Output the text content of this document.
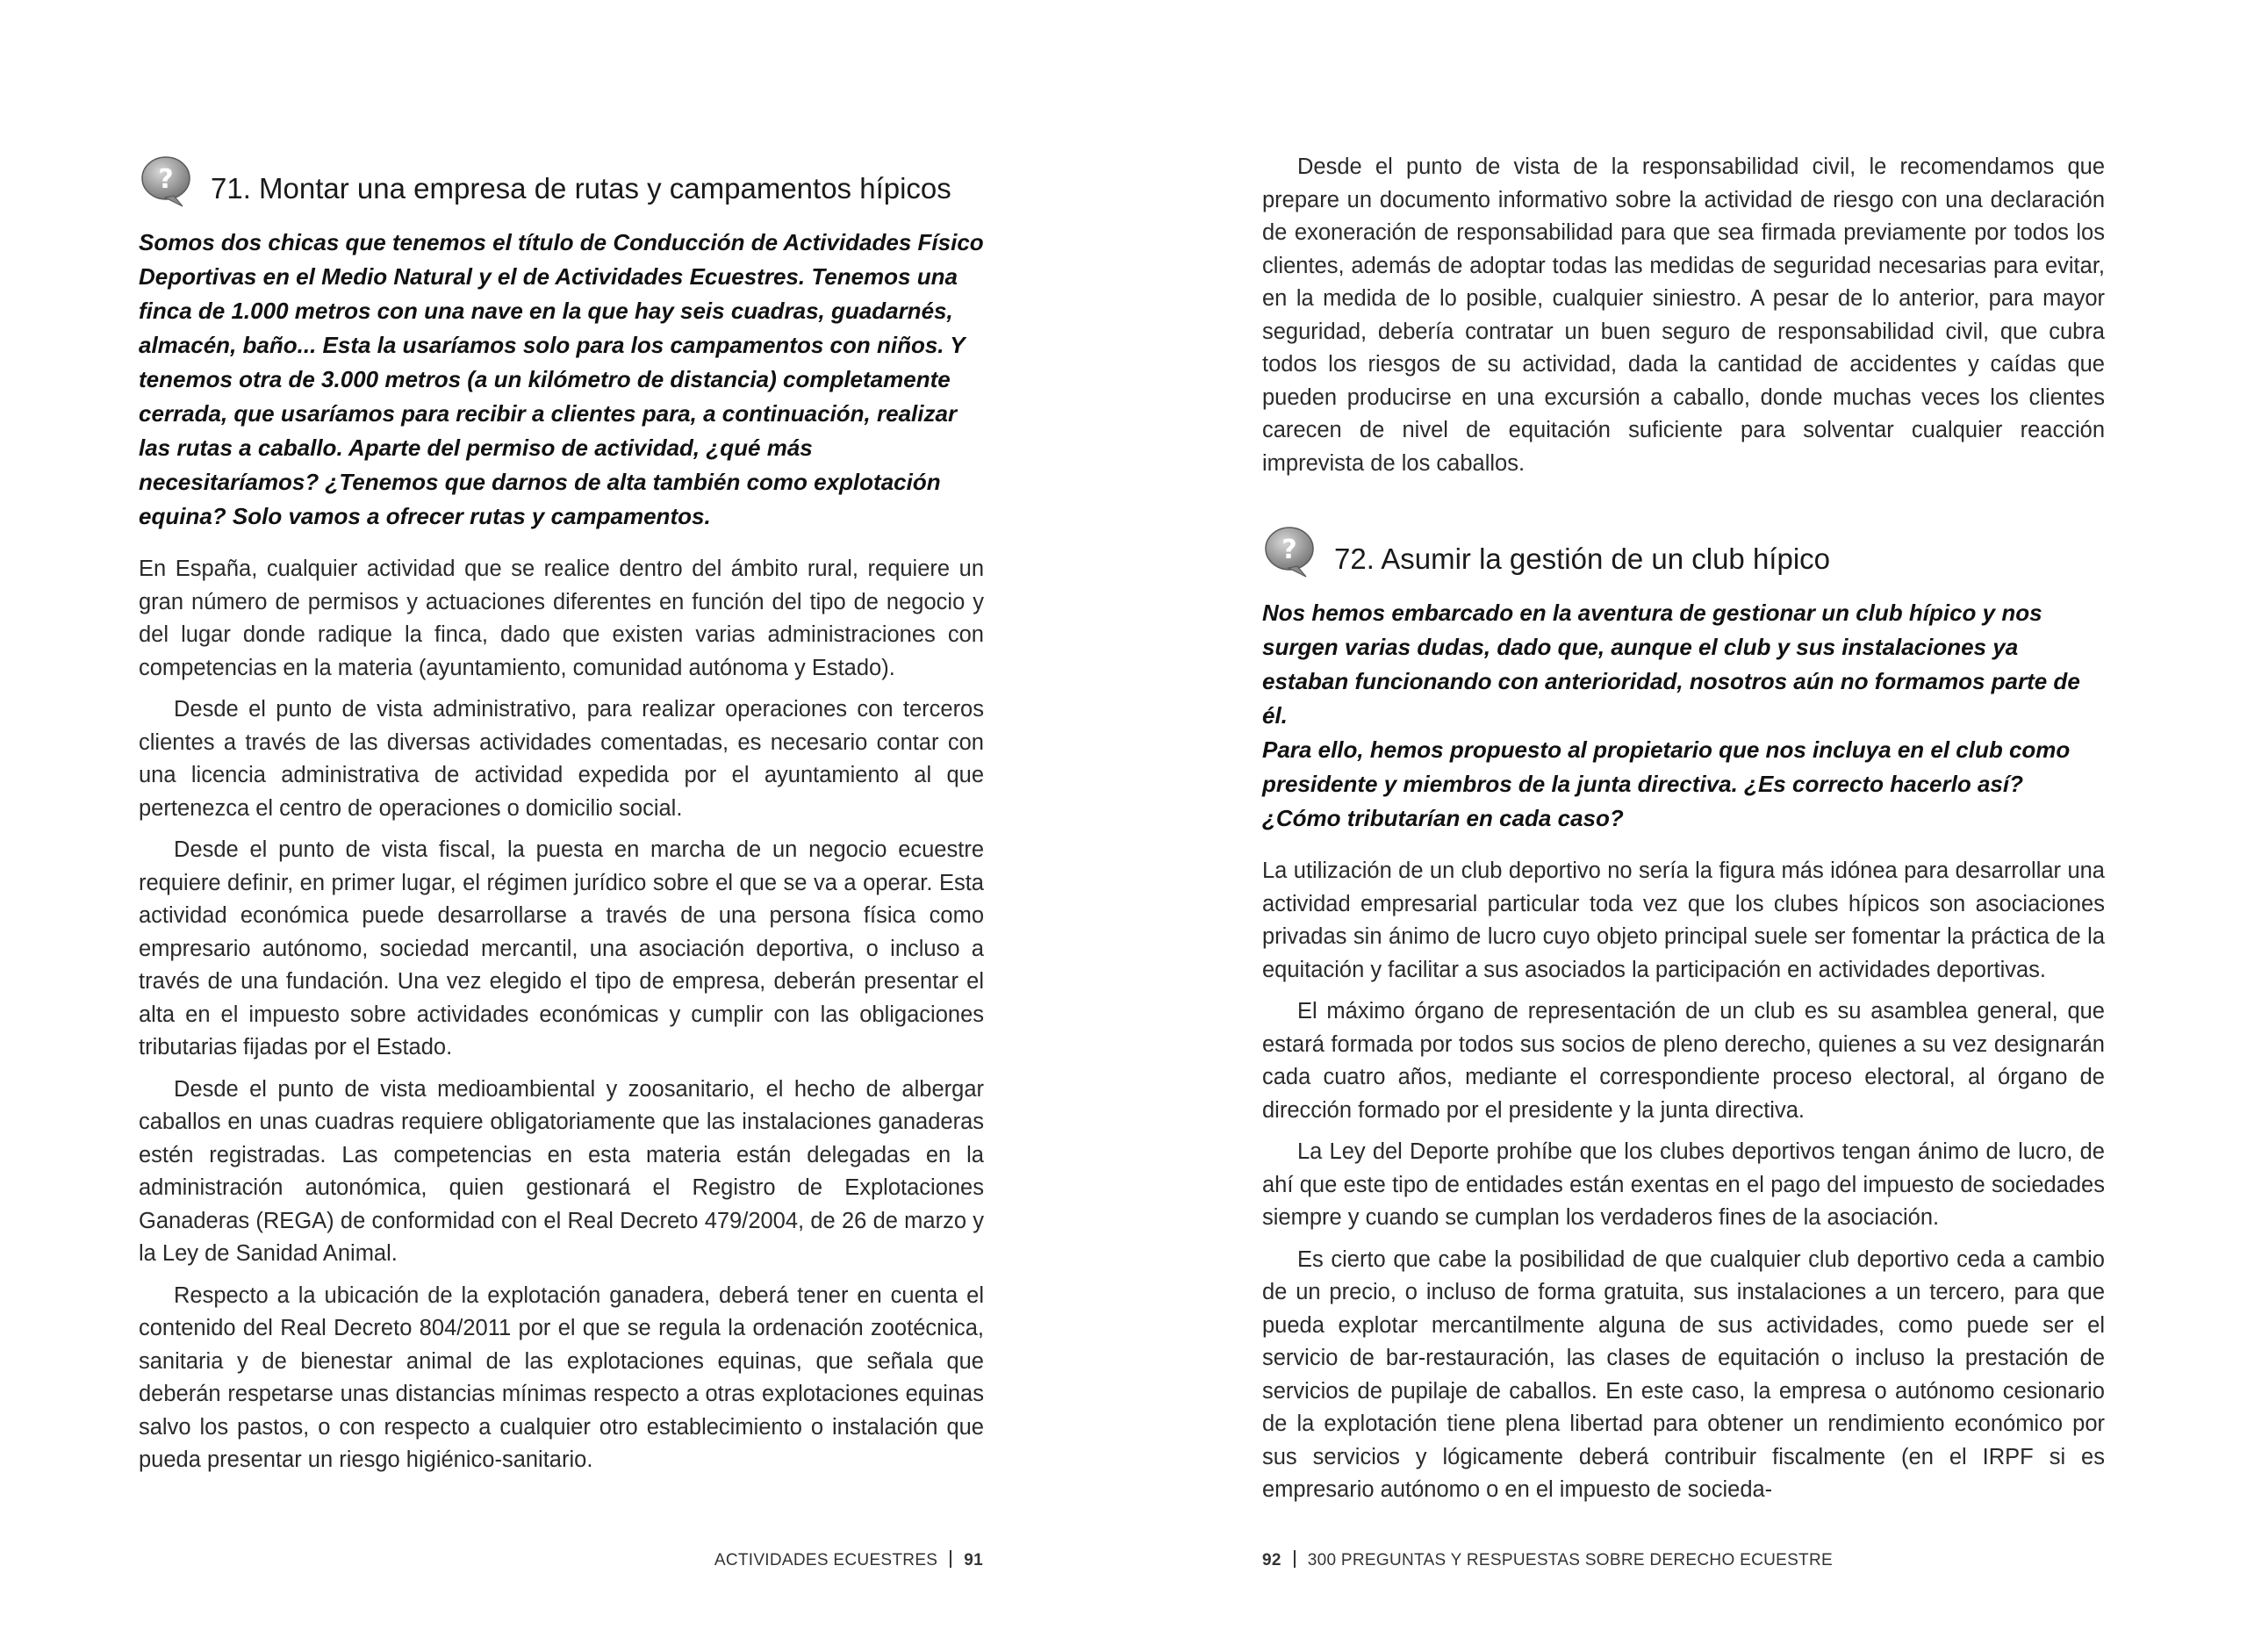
? 71. Montar una empresa de rutas y campamentos hípicos

Somos dos chicas que tenemos el título de Conducción de Actividades Físico Deportivas en el Medio Natural y el de Actividades Ecuestres. Tenemos una finca de 1.000 metros con una nave en la que hay seis cuadras, guadarnés, almacén, baño... Esta la usaríamos solo para los campamentos con niños. Y tenemos otra de 3.000 metros (a un kilómetro de distancia) completamente cerrada, que usaríamos para recibir a clientes para, a continuación, realizar las rutas a caballo. Aparte del permiso de actividad, ¿qué más necesitaríamos? ¿Tenemos que darnos de alta también como explotación equina? Solo vamos a ofrecer rutas y campamentos.

En España, cualquier actividad que se realice dentro del ámbito rural, requiere un gran número de permisos y actuaciones diferentes en función del tipo de negocio y del lugar donde radique la finca, dado que existen varias administraciones con competencias en la materia (ayuntamiento, comunidad autónoma y Estado).

Desde el punto de vista administrativo, para realizar operaciones con terceros clientes a través de las diversas actividades comentadas, es necesario contar con una licencia administrativa de actividad expedida por el ayuntamiento al que pertenezca el centro de operaciones o domicilio social.

Desde el punto de vista fiscal, la puesta en marcha de un negocio ecuestre requiere definir, en primer lugar, el régimen jurídico sobre el que se va a operar. Esta actividad económica puede desarrollarse a través de una persona física como empresario autónomo, sociedad mercantil, una asociación deportiva, o incluso a través de una fundación. Una vez elegido el tipo de empresa, deberán presentar el alta en el impuesto sobre actividades económicas y cumplir con las obligaciones tributarias fijadas por el Estado.

Desde el punto de vista medioambiental y zoosanitario, el hecho de albergar caballos en unas cuadras requiere obligatoriamente que las instalaciones ganaderas estén registradas. Las competencias en esta materia están delegadas en la administración autonómica, quien gestionará el Registro de Explotaciones Ganaderas (REGA) de conformidad con el Real Decreto 479/2004, de 26 de marzo y la Ley de Sanidad Animal.

Respecto a la ubicación de la explotación ganadera, deberá tener en cuenta el contenido del Real Decreto 804/2011 por el que se regula la ordenación zootécnica, sanitaria y de bienestar animal de las explotaciones equinas, que señala que deberán respetarse unas distancias mínimas respecto a otras explotaciones equinas salvo los pastos, o con respecto a cualquier otro establecimiento o instalación que pueda presentar un riesgo higiénico-sanitario.

ACTIVIDADES ECUESTRES 91

Desde el punto de vista de la responsabilidad civil, le recomendamos que prepare un documento informativo sobre la actividad de riesgo con una declaración de exoneración de responsabilidad para que sea firmada previamente por todos los clientes, además de adoptar todas las medidas de seguridad necesarias para evitar, en la medida de lo posible, cualquier siniestro. A pesar de lo anterior, para mayor seguridad, debería contratar un buen seguro de responsabilidad civil, que cubra todos los riesgos de su actividad, dada la cantidad de accidentes y caídas que pueden producirse en una excursión a caballo, donde muchas veces los clientes carecen de nivel de equitación suficiente para solventar cualquier reacción imprevista de los caballos.

? 72. Asumir la gestión de un club hípico

Nos hemos embarcado en la aventura de gestionar un club hípico y nos surgen varias dudas, dado que, aunque el club y sus instalaciones ya estaban funcionando con anterioridad, nosotros aún no formamos parte de él.

Para ello, hemos propuesto al propietario que nos incluya en el club como presidente y miembros de la junta directiva. ¿Es correcto hacerlo así? ¿Cómo tributarían en cada caso?

La utilización de un club deportivo no sería la figura más idónea para desarrollar una actividad empresarial particular toda vez que los clubes hípicos son asociaciones privadas sin ánimo de lucro cuyo objeto principal suele ser fomentar la práctica de la equitación y facilitar a sus asociados la participación en actividades deportivas.

El máximo órgano de representación de un club es su asamblea general, que estará formada por todos sus socios de pleno derecho, quienes a su vez designarán cada cuatro años, mediante el correspondiente proceso electoral, al órgano de dirección formado por el presidente y la junta directiva.

La Ley del Deporte prohíbe que los clubes deportivos tengan ánimo de lucro, de ahí que este tipo de entidades están exentas en el pago del impuesto de sociedades siempre y cuando se cumplan los verdaderos fines de la asociación.

Es cierto que cabe la posibilidad de que cualquier club deportivo ceda a cambio de un precio, o incluso de forma gratuita, sus instalaciones a un tercero, para que pueda explotar mercantilmente alguna de sus actividades, como puede ser el servicio de bar-restauración, las clases de equitación o incluso la prestación de servicios de pupilaje de caballos. En este caso, la empresa o autónomo cesionario de la explotación tiene plena libertad para obtener un rendimiento económico por sus servicios y lógicamente deberá contribuir fiscalmente (en el IRPF si es empresario autónomo o en el impuesto de socieda-

92 300 PREGUNTAS Y RESPUESTAS SOBRE DERECHO ECUESTRE
